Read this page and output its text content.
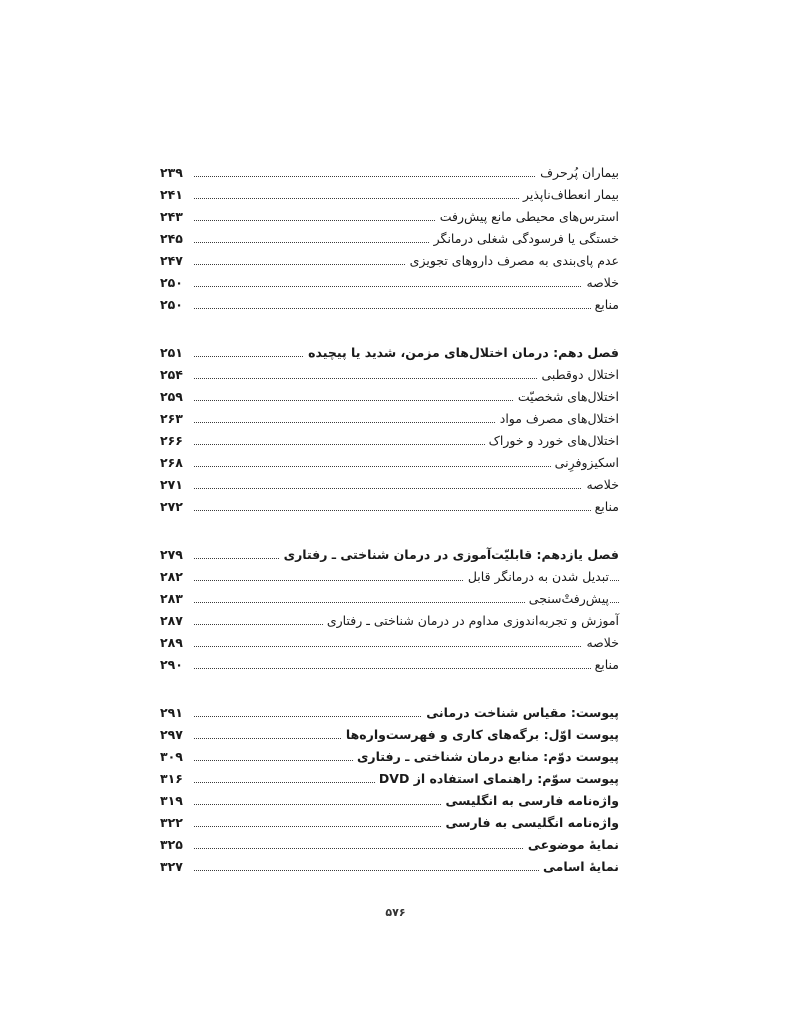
بیماران پُرحرف
۲۳۹
بیمار انعطاف‌ناپذیر
۲۴۱
استرس‌های محیطی مانع پیش‌رفت
۲۴۳
خستگی یا فرسودگی شغلی درمانگر
۲۴۵
عدم پای‌بندی به مصرف داروهای تجویزی
۲۴۷
خلاصه
۲۵۰
منابع
۲۵۰
فصل دهم: درمان اختلال‌های مزمن، شدید یا پیچیده
۲۵۱
اختلال دوقطبی
۲۵۴
اختلال‌های شخصیّت
۲۵۹
اختلال‌های مصرف مواد
۲۶۳
اختلال‌های خورد و خوراک
۲۶۶
اسکیزوفرِنی
۲۶۸
خلاصه
۲۷۱
منابع
۲۷۲
فصل یازدهم: قابلیّت‌آموزی در درمان شناختی ـ رفتاری
۲۷۹
تبدیل شدن به درمانگر قابل
۲۸۲
پیش‌رفتْ‌سنجی
۲۸۳
آموزش و تجربه‌اندوزی مداوم در درمان شناختی ـ رفتاری
۲۸۷
خلاصه
۲۸۹
منابع
۲۹۰
پیوست: مقیاس شناخت درمانی
۲۹۱
پیوست اوّل: برگه‌های کاری و فهرست‌واره‌ها
۲۹۷
پیوست دوّم: منابع درمان شناختی ـ رفتاری
۳۰۹
پیوست سوّم: راهنمای استفاده از DVD
۳۱۶
واژه‌نامه فارسی به انگلیسی
۳۱۹
واژه‌نامه انگلیسی به فارسی
۳۲۲
نمایهٔ موضوعی
۳۲۵
نمایهٔ اسامی
۳۲۷
۵۷۶
